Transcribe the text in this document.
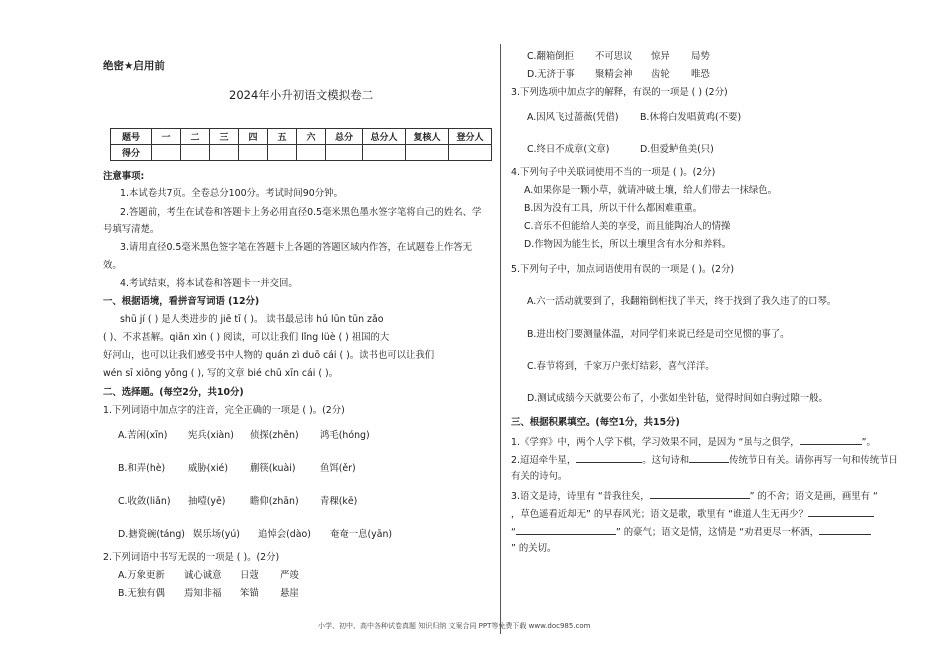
绝密★启用前
2024年小升初语文模拟卷二
题号	一	二	三	四	五	六	总分	总分人	复核人	登分人
得分										
注意事项:
1.本试卷共7页。全卷总分100分。考试时间90分钟。
2.答题前，考生在试卷和答题卡上务必用直径0.5毫米黑色墨水签字笔将自己的姓名、学
号填写清楚。
3.请用直径0.5毫米黑色签字笔在答题卡上各题的答题区域内作答，在试题卷上作答无
效。
4.考试结束，将本试卷和答题卡一并交回。
一、根据语境，看拼音写词语 (12分)
shū jí ( ) 是人类进步的 jiē tī ( )。 读书最忌讳 hú lūn tūn zǎo
( )、不求甚解。qiān xìn ( ) 阅读，可以让我们 lǐng lüè ( ) 祖国的大
好河山，也可以让我们感受书中人物的 quán zì duō cái ( )。读书也可以让我们
wén sī xiōng yǒng ( ), 写的文章 bié chū xīn cái ( )。
二、选择题。(每空2分，共10分)
1.下列词语中加点字的注音，完全正确的一项是 ( )。(2分)
A.苦闲(xīn) 宪兵(xiàn) 侦探(zhēn) 鸿毛(hóng)
B.和弄(hè) 威胁(xié) 蒯筷(kuài)	鱼饵(ěr)
C.收敛(liǎn) 抽噎(yē)	瞻仰(zhān) 青稞(kē)
D.搪瓷碗(táng) 娱乐场(yú) 追悼会(dào) 奄奄一息(yān)
2.下列词语中书写无误的一项是 ( )。(2分)
A.万象更新 诚心诚意 日蔻 严竣
B.无独有偶 焉知非福 笨锚 悬崖
C.翻箱倒拒 不可思议 惊异 局势
D.无济于事 聚精会神 齿轮 唯恐
3.下列选项中加点字的解释，有误的一项是 ( ) (2分)
A.因风飞过蔷薇(凭借) B.休将白发唱黄鸡(不要)
C.终日不成章(文章)	D.但爱鲈鱼美(只)
4.下列句子中关联词使用不当的一项是 ( )。(2分)
A.如果你是一颗小草，就请冲破土壤，给人们带去一抹绿色。
B.因为没有工具，所以干什么都困难重重。
C.音乐不但能给人美的享受，而且能陶冶人的情操
D.作物因为能生长，所以土壤里含有水分和养料。
5.下列句子中，加点词语使用有误的一项是 ( )。(2分)
A.六一活动就要到了，我翻箱倒柜找了半天，终于找到了我久违了的口琴。
B.进出校门要测量体温，对同学们来说已经是司空见惯的事了。
C.春节将到，千家万户张灯结彩，喜气洋洋。
D.测试成绩今天就要公布了，小张如坐针毡，觉得时间如白驹过隙一般。
三、根据积累填空。(每空1分，共15分)
1.《学弈》中，两个人学下棋，学习效果不同，是因为 “虽与之俱学，	”。
2.迢迢牵牛星，	。这句诗和	传统节日有关。请你再写一句和传统节日
有关的诗句。
3.语文是诗，诗里有 “昔我往矣，	” 的不舍；语文是画，画里有 “
，草色遥看近却无” 的早春风光；语文是歌，歌里有 “谁道人生无再少？
“	” 的豪气；语文是情，这情是 “劝君更尽一杯酒，
” 的关切。
小学、初中、高中各种试卷真题 知识归纳 文案合同 PPT等免费下载 www.doc985.com
